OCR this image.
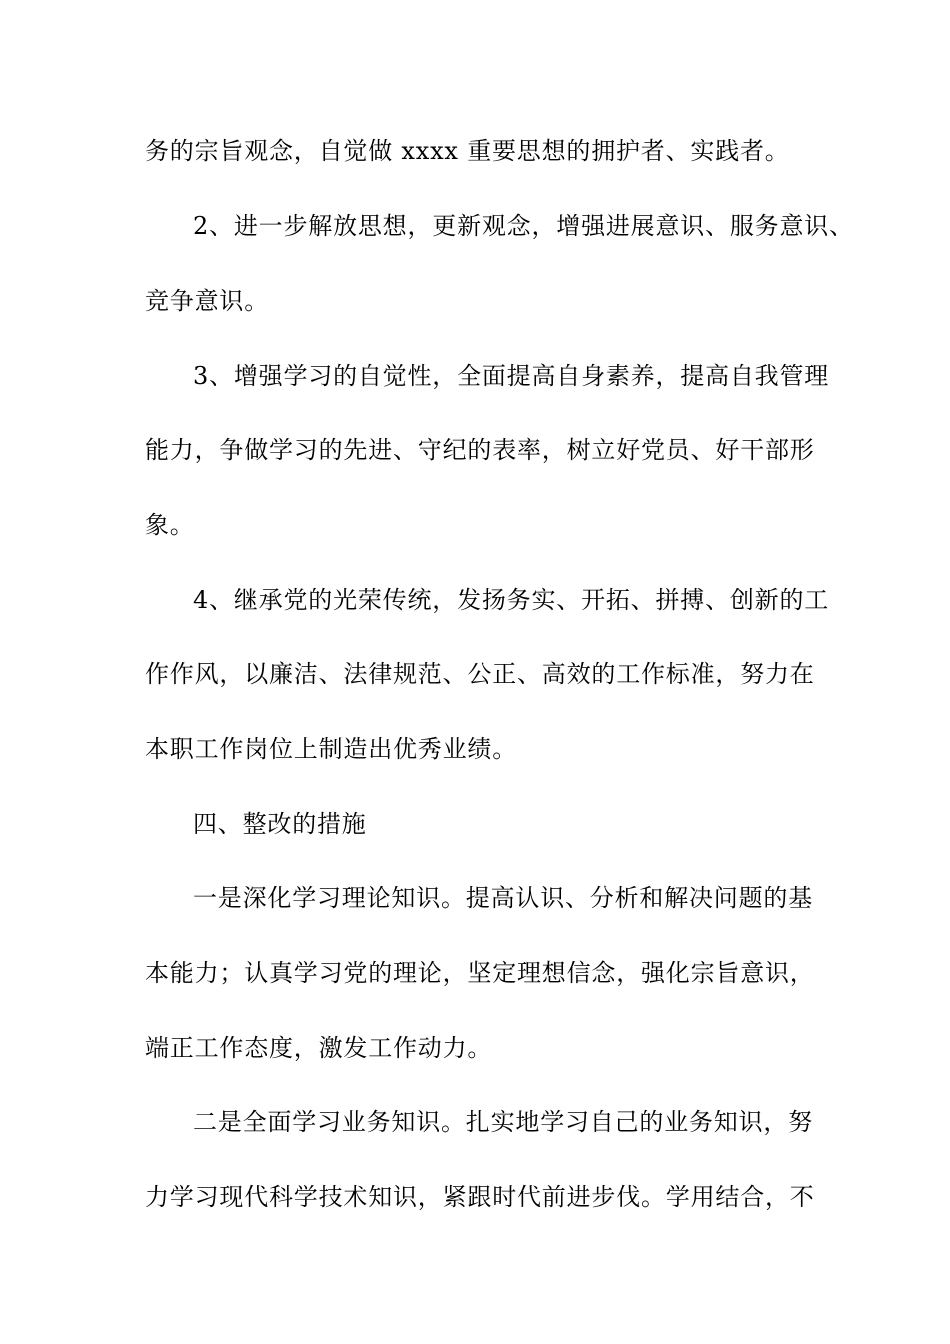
务的宗旨观念，自觉做 xxxx 重要思想的拥护者、实践者。
2、进一步解放思想，更新观念，增强进展意识、服务意识、
竞争意识。
3、增强学习的自觉性，全面提高自身素养，提高自我管理
能力，争做学习的先进、守纪的表率，树立好党员、好干部形
象。
4、继承党的光荣传统，发扬务实、开拓、拼搏、创新的工
作作风，以廉洁、法律规范、公正、高效的工作标准，努力在
本职工作岗位上制造出优秀业绩。
四、整改的措施
一是深化学习理论知识。提高认识、分析和解决问题的基
本能力；认真学习党的理论，坚定理想信念，强化宗旨意识，
端正工作态度，激发工作动力。
二是全面学习业务知识。扎实地学习自己的业务知识，努
力学习现代科学技术知识，紧跟时代前进步伐。学用结合，不
